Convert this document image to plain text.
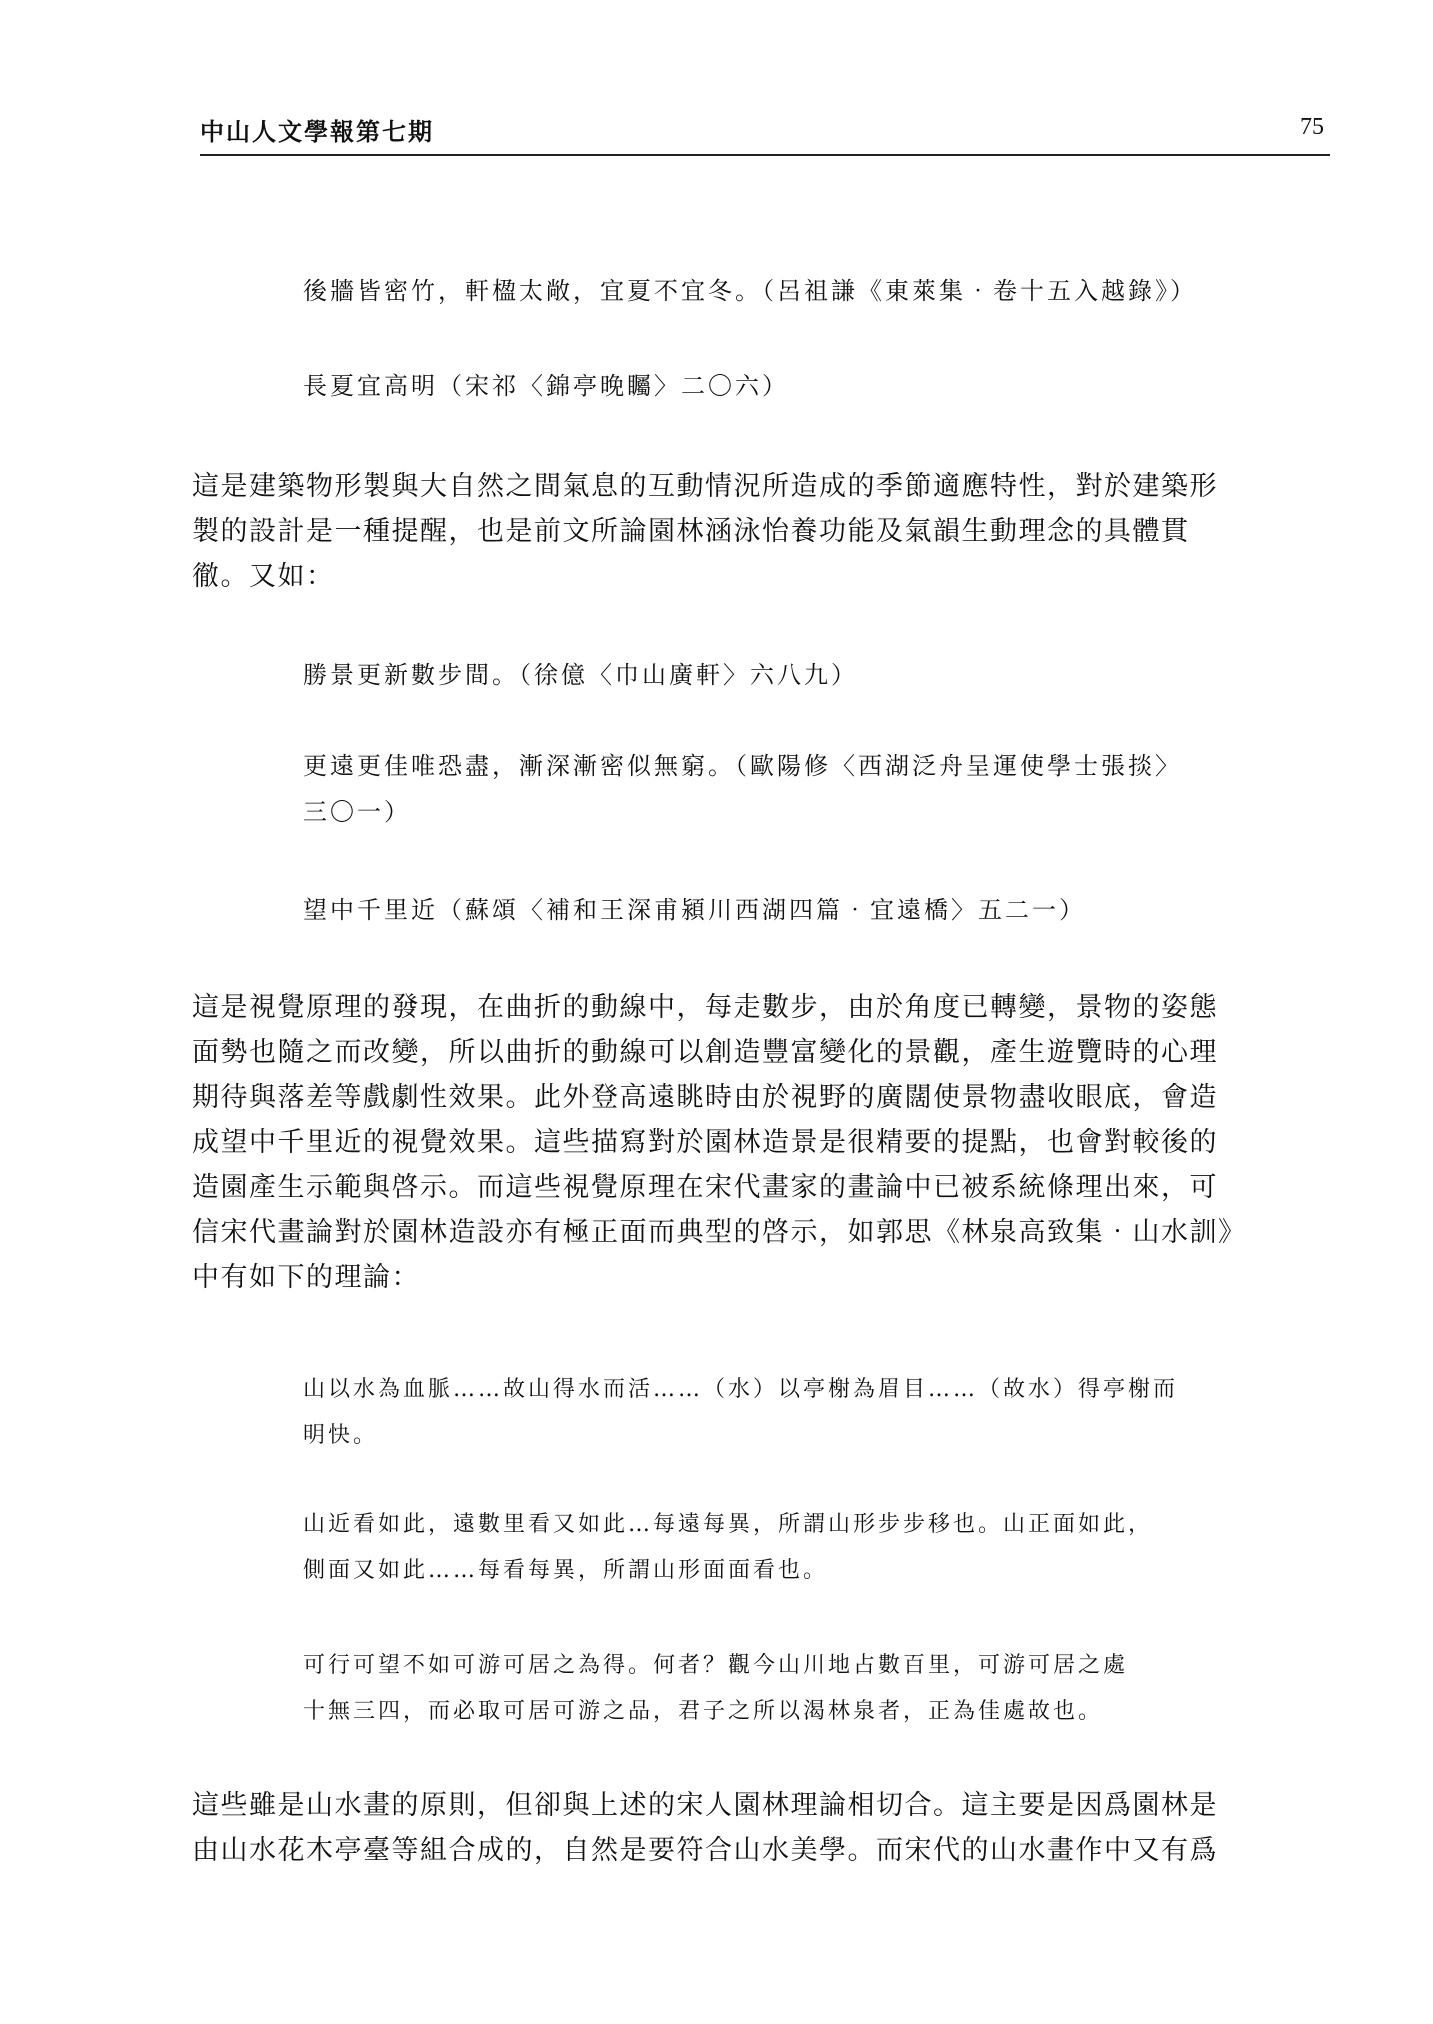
中山人文學報第七期	75
後牆皆密竹，軒楹太敞，宜夏不宜冬。（呂祖謙《東萊集‧卷十五入越錄》）
長夏宜高明（宋祁〈錦亭晚矚〉二〇六）
這是建築物形製與大自然之間氣息的互動情況所造成的季節適應特性，對於建築形
製的設計是一種提醒，也是前文所論園林涵泳怡養功能及氣韻生動理念的具體貫
徹。又如：
勝景更新數步間。（徐億〈巾山廣軒〉六八九）
更遠更佳唯恐盡，漸深漸密似無窮。（歐陽修〈西湖泛舟呈運使學士張掞〉
三〇一）
望中千里近（蘇頌〈補和王深甫潁川西湖四篇‧宜遠橋〉五二一）
這是視覺原理的發現，在曲折的動線中，每走數步，由於角度已轉變，景物的姿態
面勢也隨之而改變，所以曲折的動線可以創造豐富變化的景觀，產生遊覽時的心理
期待與落差等戲劇性效果。此外登高遠眺時由於視野的廣闊使景物盡收眼底，會造
成望中千里近的視覺效果。這些描寫對於園林造景是很精要的提點，也會對較後的
造園產生示範與啓示。而這些視覺原理在宋代畫家的畫論中已被系統條理出來，可
信宋代畫論對於園林造設亦有極正面而典型的啓示，如郭思《林泉高致集‧山水訓》
中有如下的理論：
山以水為血脈……故山得水而活……（水）以亭榭為眉目……（故水）得亭榭而
明快。
山近看如此，遠數里看又如此…每遠每異，所謂山形步步移也。山正面如此，
側面又如此……每看每異，所謂山形面面看也。
可行可望不如可游可居之為得。何者？觀今山川地占數百里，可游可居之處
十無三四，而必取可居可游之品，君子之所以渴林泉者，正為佳處故也。
這些雖是山水畫的原則，但卻與上述的宋人園林理論相切合。這主要是因爲園林是
由山水花木亭臺等組合成的，自然是要符合山水美學。而宋代的山水畫作中又有爲
